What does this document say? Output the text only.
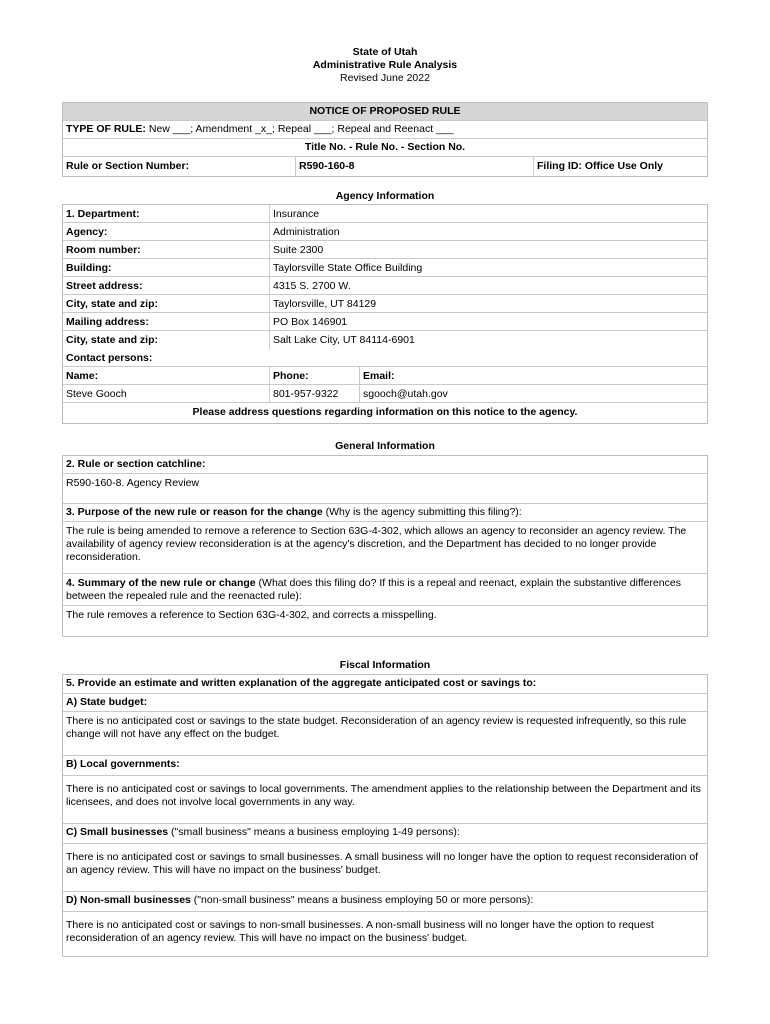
State of Utah
Administrative Rule Analysis
Revised June 2022
NOTICE OF PROPOSED RULE
TYPE OF RULE: New ___; Amendment _x_; Repeal ___; Repeal and Reenact ___
Title No. - Rule No. - Section No.
Rule or Section Number:	R590-160-8	Filing ID: Office Use Only
Agency Information
1. Department:	Insurance
Agency:	Administration
Room number:	Suite 2300
Building:	Taylorsville State Office Building
Street address:	4315 S. 2700 W.
City, state and zip:	Taylorsville, UT 84129
Mailing address:	PO Box 146901
City, state and zip:	Salt Lake City, UT 84114-6901
Contact persons:
Name:	Phone:	Email:
Steve Gooch	801-957-9322	sgooch@utah.gov
Please address questions regarding information on this notice to the agency.
General Information
2. Rule or section catchline:
R590-160-8. Agency Review
3. Purpose of the new rule or reason for the change (Why is the agency submitting this filing?):
The rule is being amended to remove a reference to Section 63G-4-302, which allows an agency to reconsider an agency review. The availability of agency review reconsideration is at the agency's discretion, and the Department has decided to no longer provide reconsideration.
4. Summary of the new rule or change (What does this filing do? If this is a repeal and reenact, explain the substantive differences between the repealed rule and the reenacted rule):
The rule removes a reference to Section 63G-4-302, and corrects a misspelling.
Fiscal Information
5. Provide an estimate and written explanation of the aggregate anticipated cost or savings to:
A) State budget:
There is no anticipated cost or savings to the state budget. Reconsideration of an agency review is requested infrequently, so this rule change will not have any effect on the budget.
B) Local governments:
There is no anticipated cost or savings to local governments. The amendment applies to the relationship between the Department and its licensees, and does not involve local governments in any way.
C) Small businesses ("small business" means a business employing 1-49 persons):
There is no anticipated cost or savings to small businesses. A small business will no longer have the option to request reconsideration of an agency review. This will have no impact on the business' budget.
D) Non-small businesses ("non-small business" means a business employing 50 or more persons):
There is no anticipated cost or savings to non-small businesses. A non-small business will no longer have the option to request reconsideration of an agency review. This will have no impact on the business' budget.
